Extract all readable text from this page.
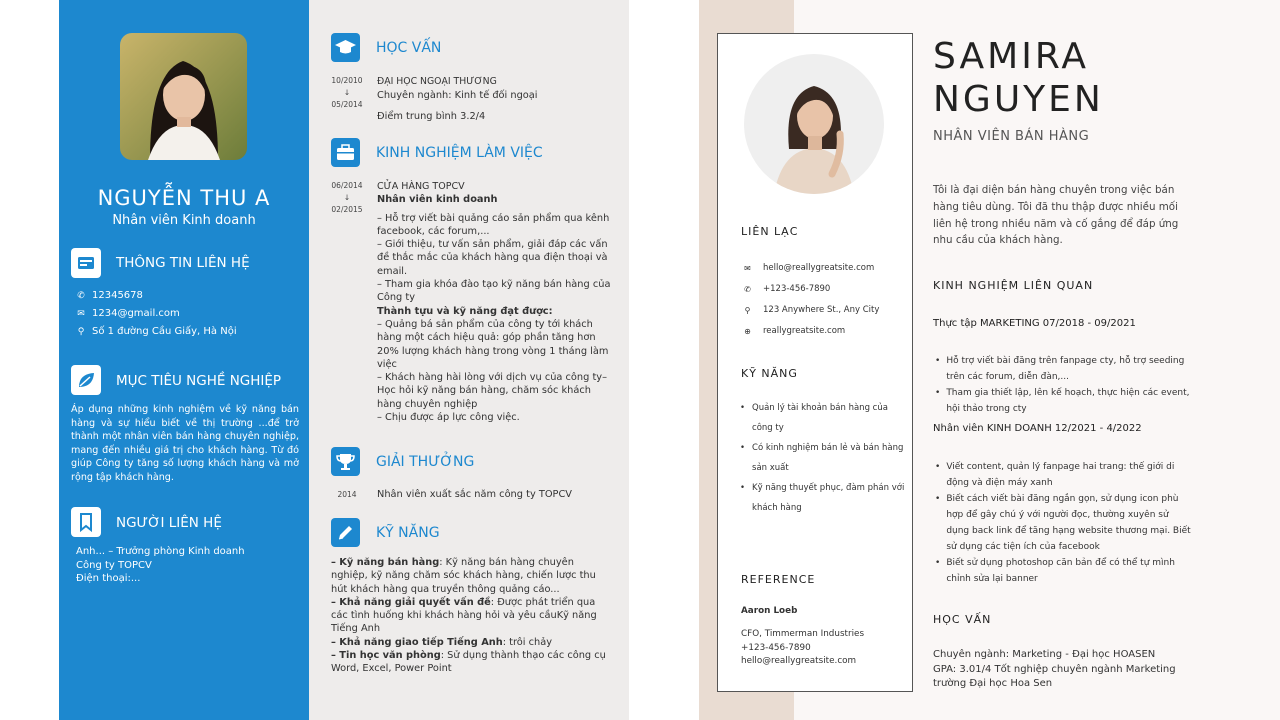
NGUYỄN THU A
Nhân viên Kinh doanh
THÔNG TIN LIÊN HỆ
✆ 12345678
✉ 1234@gmail.com
⚲ Số 1 đường Cầu Giấy, Hà Nội
MỤC TIÊU NGHỀ NGHIỆP
Áp dụng những kinh nghiệm về kỹ năng bán hàng và sự hiểu biết về thị trường ...để trở thành một nhân viên bán hàng chuyên nghiệp, mang đến nhiều giá trị cho khách hàng. Từ đó giúp Công ty tăng số lượng khách hàng và mở rộng tập khách hàng.
NGƯỜI LIÊN HỆ
Anh... – Trưởng phòng Kinh doanh
Công ty TOPCV
Điện thoại:...
HỌC VẤN
10/2010
↓
05/2014
ĐẠI HỌC NGOẠI THƯƠNG
Chuyên ngành: Kinh tế đối ngoại
Điểm trung bình 3.2/4
KINH NGHIỆM LÀM VIỆC
06/2014
↓
02/2015
CỬA HÀNG TOPCV
Nhân viên kinh doanh
– Hỗ trợ viết bài quảng cáo sản phẩm qua kênh facebook, các forum,...
– Giới thiệu, tư vấn sản phẩm, giải đáp các vấn đề thắc mắc của khách hàng qua điện thoại và email.
– Tham gia khóa đào tạo kỹ năng bán hàng của Công ty
Thành tựu và kỹ năng đạt được:
– Quảng bá sản phẩm của công ty tới khách hàng một cách hiệu quả: góp phần tăng hơn 20% lượng khách hàng trong vòng 1 tháng làm việc
– Khách hàng hài lòng với dịch vụ của công ty– Học hỏi kỹ năng bán hàng, chăm sóc khách hàng chuyên nghiệp
– Chịu được áp lực công việc.
GIẢI THƯỞNG
2014	Nhân viên xuất sắc năm công ty TOPCV
KỸ NĂNG
– Kỹ năng bán hàng: Kỹ năng bán hàng chuyên nghiệp, kỹ năng chăm sóc khách hàng, chiến lược thu hút khách hàng qua truyền thông quảng cáo...
– Khả năng giải quyết vấn đề: Được phát triển qua các tình huống khi khách hàng hỏi và yêu cầuKỹ năng Tiếng Anh
– Khả năng giao tiếp Tiếng Anh: trôi chảy
– Tin học văn phòng: Sử dụng thành thạo các công cụ Word, Excel, Power Point
LIÊN LẠC
✉ hello@reallygreatsite.com
✆ +123-456-7890
⚲ 123 Anywhere St., Any City
⊕ reallygreatsite.com
KỸ NĂNG
• Quản lý tài khoản bán hàng của công ty
• Có kinh nghiệm bán lẻ và bán hàng sản xuất
• Kỹ năng thuyết phục, đàm phán với khách hàng
REFERENCE
Aaron Loeb
CFO, Timmerman Industries
+123-456-7890
hello@reallygreatsite.com
SAMIRA
NGUYEN
NHÂN VIÊN BÁN HÀNG
Tôi là đại diện bán hàng chuyên trong việc bán hàng tiêu dùng. Tôi đã thu thập được nhiều mối liên hệ trong nhiều năm và cố gắng để đáp ứng nhu cầu của khách hàng.
KINH NGHIỆM LIÊN QUAN
Thực tập MARKETING 07/2018 - 09/2021
• Hỗ trợ viết bài đăng trên fanpage cty, hỗ trợ seeding trên các forum, diễn đàn,...
• Tham gia thiết lập, lên kế hoạch, thực hiện các event, hội thảo trong cty
Nhân viên KINH DOANH 12/2021 - 4/2022
• Viết content, quản lý fanpage hai trang: thế giới di động và điện máy xanh
• Biết cách viết bài đăng ngắn gọn, sử dụng icon phù hợp để gây chú ý với người đọc, thường xuyên sử dụng back link để tăng hạng website thương mại. Biết sử dụng các tiện ích của facebook
• Biết sử dụng photoshop căn bản để có thể tự mình chỉnh sửa lại banner
HỌC VẤN
Chuyên ngành: Marketing - Đại học HOASEN
GPA: 3.01/4 Tốt nghiệp chuyên ngành Marketing trường Đại học Hoa Sen
